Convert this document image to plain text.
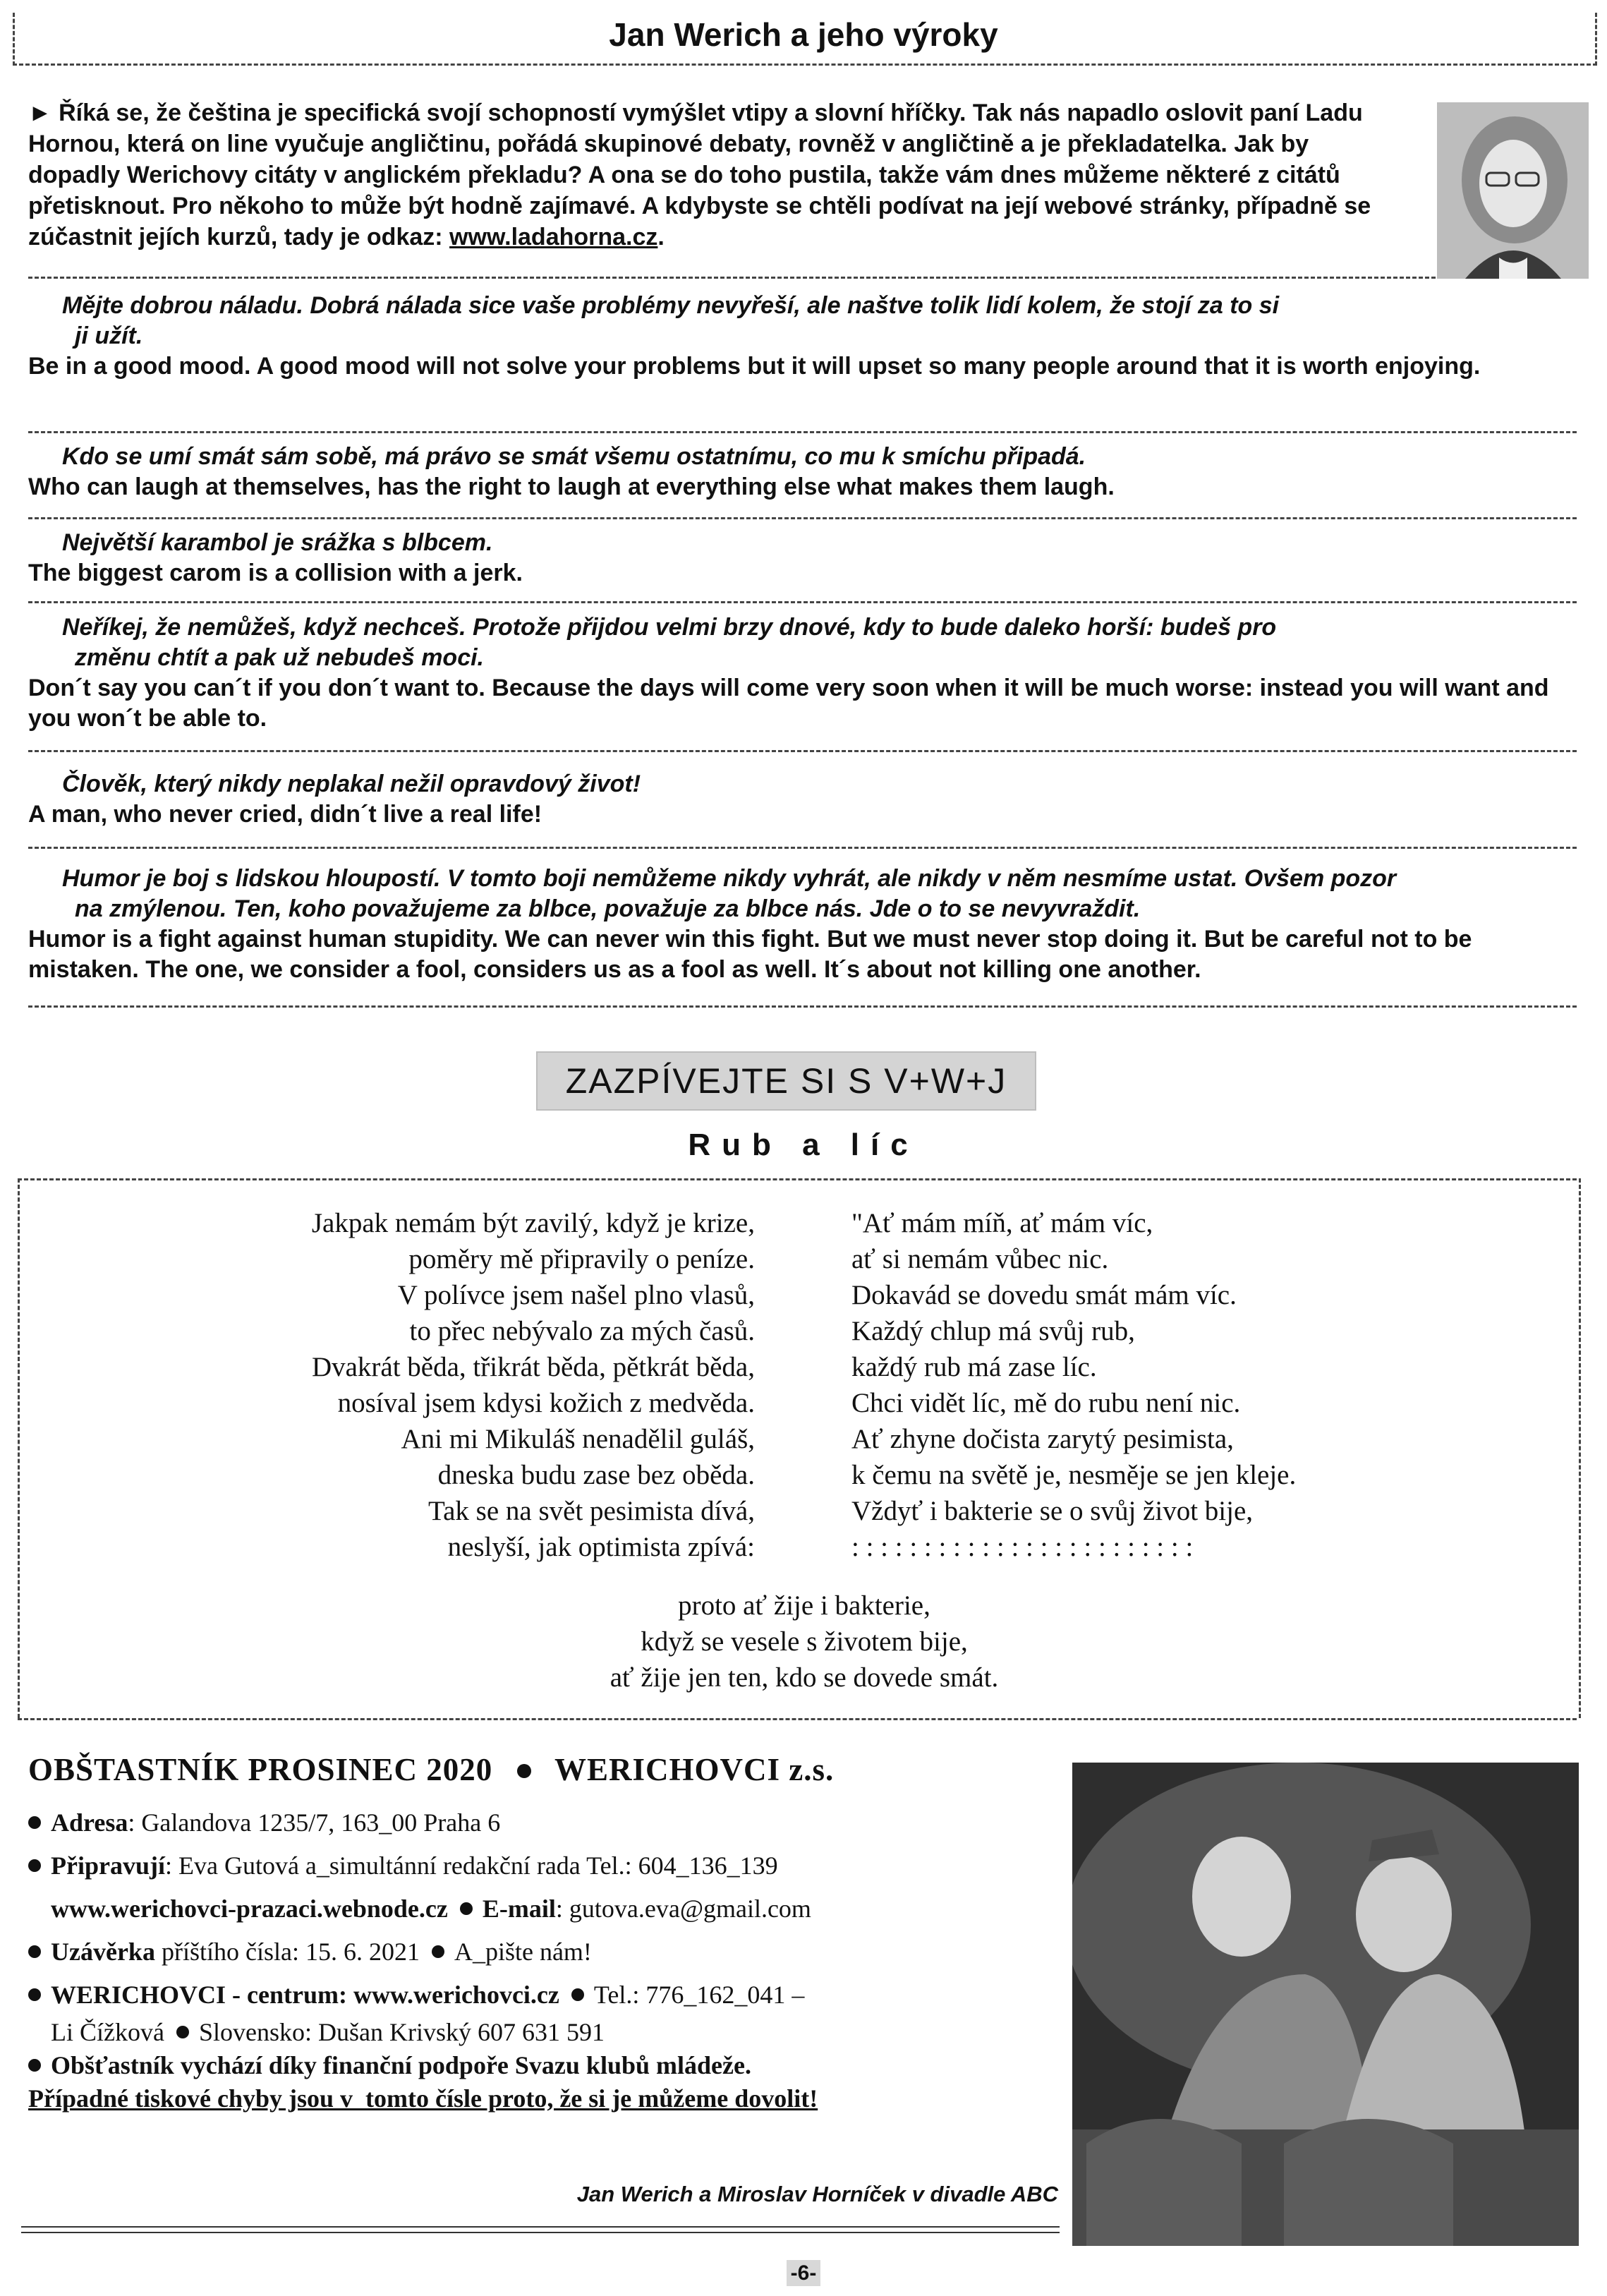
Jan Werich a jeho výroky
► Říká se, že čeština je specifická svojí schopností vymýšlet vtipy a slovní hříčky. Tak nás napadlo oslovit paní Ladu Hornou, která on line vyučuje angličtinu, pořádá skupinové debaty, rovněž v angličtině a je překladatelka. Jak by dopadly Werichovy citáty v anglickém překladu? A ona se do toho pustila, takže vám dnes můžeme některé z citátů přetisknout. Pro někoho to může být hodně zajímavé. A kdybyste se chtěli podívat na její webové stránky, případně se zúčastnit jejích kurzů, tady je odkaz: www.ladahorna.cz.
Mějte dobrou náladu. Dobrá nálada sice vaše problémy nevyřeší, ale naštve tolik lidí kolem, že stojí za to si
ji užít.
Be in a good mood. A good mood will not solve your problems but it will upset so many people around that it is worth enjoying.
Kdo se umí smát sám sobě, má právo se smát všemu ostatnímu, co mu k smíchu připadá.
Who can laugh at themselves, has the right to laugh at everything else what makes them laugh.
Největší karambol je srážka s blbcem.
The biggest carom is a collision with a jerk.
Neříkej, že nemůžeš, když nechceš. Protože přijdou velmi brzy dnové, kdy to bude daleko horší: budeš pro
změnu chtít a pak už nebudeš moci.
Don´t say you can´t if you don´t want to. Because the days will come very soon when it will be much worse: instead you will want and you won´t be able to.
Člověk, který nikdy neplakal nežil opravdový život!
A man, who never cried, didn´t live a real life!
Humor je boj s lidskou hloupostí. V tomto boji nemůžeme nikdy vyhrát, ale nikdy v něm nesmíme ustat. Ovšem pozor
na zmýlenou. Ten, koho považujeme za blbce, považuje za blbce nás. Jde o to se nevyvraždit.
Humor is a fight against human stupidity. We can never win this fight. But we must never stop doing it. But be careful not to be mistaken. The one, we consider a fool, considers us as a fool as well. It´s about not killing one another.
ZAZPÍVEJTE SI S V+W+J
Rub a líc
Jakpak nemám být zavilý, když je krize,
poměry mě připravily o peníze.
V polívce jsem našel plno vlasů,
to přec nebývalo za mých časů.
Dvakrát běda, třikrát běda, pětkrát běda,
nosíval jsem kdysi kožich z medvěda.
Ani mi Mikuláš nenadělil guláš,
dneska budu zase bez oběda.
Tak se na svět pesimista dívá,
neslyší, jak optimista zpívá:
"Ať mám míň, ať mám víc,
ať si nemám vůbec nic.
Dokavád se dovedu smát mám víc.
Každý chlup má svůj rub,
každý rub má zase líc.
Chci vidět líc, mě do rubu není nic.
Ať zhyne dočista zarytý pesimista,
k čemu na světě je, nesměje se jen kleje.
Vždyť i bakterie se o svůj život bije,
: : : : : : : : : : : : : : : : : : : : : : : :
proto ať žije i bakterie,
když se vesele s životem bije,
ať žije jen ten, kdo se dovede smát.
OBŠTASTNÍK PROSINEC 2020 WERICHOVCI z.s.
Adresa: Galandova 1235/7, 163_00 Praha 6
Připravují: Eva Gutová a_simultánní redakční rada Tel.: 604_136_139
www.werichovci-prazaci.webnode.cz E-mail: gutova.eva@gmail.com
Uzávěrka příštího čísla: 15. 6. 2021 A_pište nám!
WERICHOVCI - centrum: www.werichovci.cz Tel.: 776_162_041 –
Li Čížková Slovensko: Dušan Krivský 607 631 591
Obšťastník vychází díky finanční podpoře Svazu klubů mládeže.
Případné tiskové chyby jsou v_tomto čísle proto, že si je můžeme dovolit!
Jan Werich a Miroslav Horníček v divadle ABC
-6-
